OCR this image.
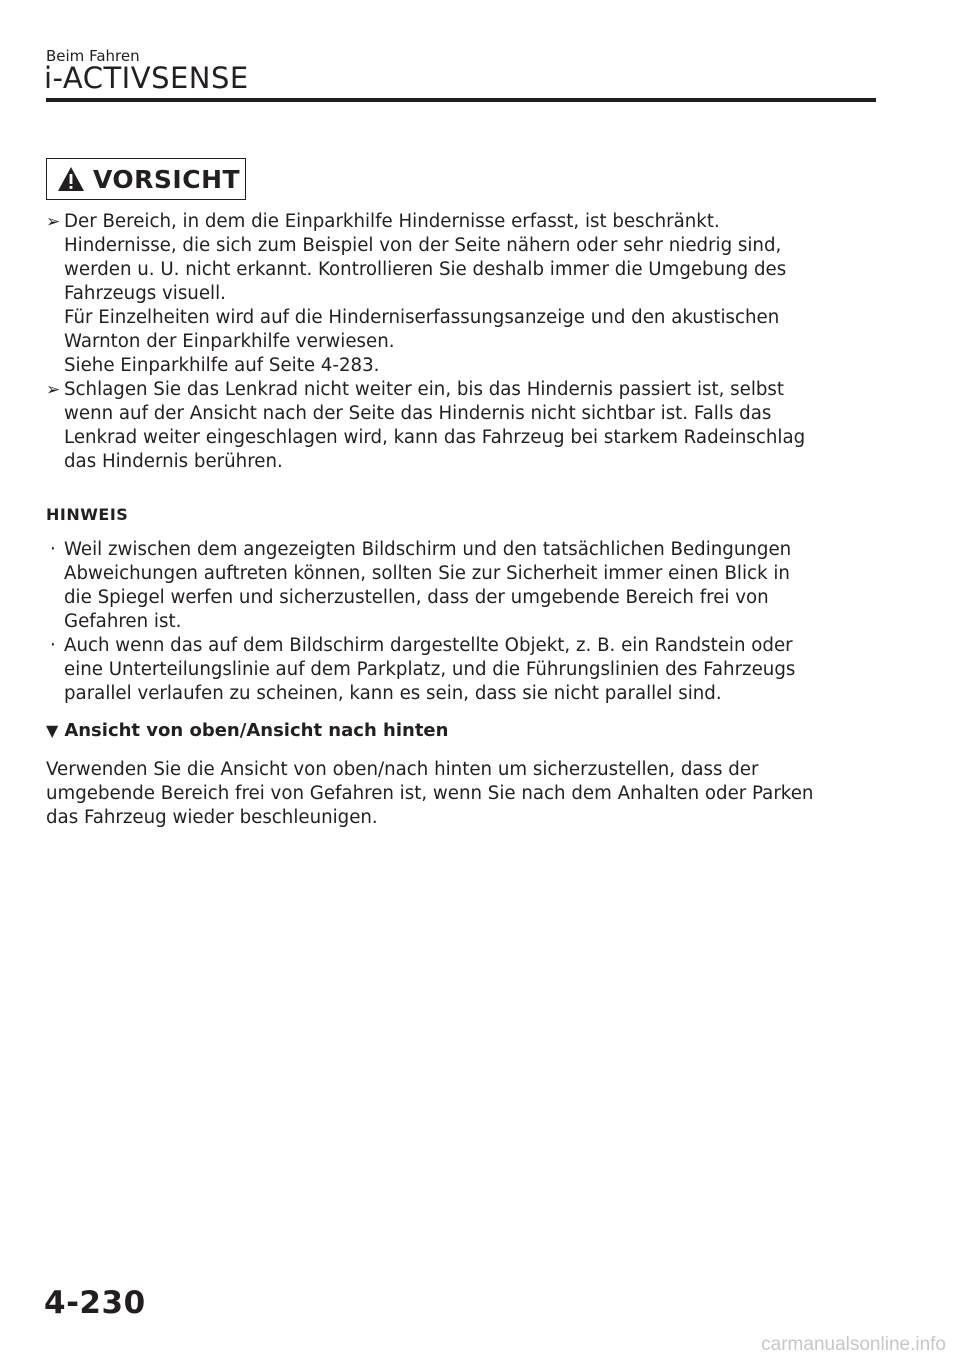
Beim Fahren
i-ACTIVSENSE
VORSICHT
➢ Der Bereich, in dem die Einparkhilfe Hindernisse erfasst, ist beschränkt.
Hindernisse, die sich zum Beispiel von der Seite nähern oder sehr niedrig sind,
werden u. U. nicht erkannt. Kontrollieren Sie deshalb immer die Umgebung des
Fahrzeugs visuell.
Für Einzelheiten wird auf die Hinderniserfassungsanzeige und den akustischen
Warnton der Einparkhilfe verwiesen.
Siehe Einparkhilfe auf Seite 4-283.
➢ Schlagen Sie das Lenkrad nicht weiter ein, bis das Hindernis passiert ist, selbst
wenn auf der Ansicht nach der Seite das Hindernis nicht sichtbar ist. Falls das
Lenkrad weiter eingeschlagen wird, kann das Fahrzeug bei starkem Radeinschlag
das Hindernis berühren.
HINWEIS
· Weil zwischen dem angezeigten Bildschirm und den tatsächlichen Bedingungen
Abweichungen auftreten können, sollten Sie zur Sicherheit immer einen Blick in
die Spiegel werfen und sicherzustellen, dass der umgebende Bereich frei von
Gefahren ist.
· Auch wenn das auf dem Bildschirm dargestellte Objekt, z. B. ein Randstein oder
eine Unterteilungslinie auf dem Parkplatz, und die Führungslinien des Fahrzeugs
parallel verlaufen zu scheinen, kann es sein, dass sie nicht parallel sind.
▼ Ansicht von oben/Ansicht nach hinten
Verwenden Sie die Ansicht von oben/nach hinten um sicherzustellen, dass der
umgebende Bereich frei von Gefahren ist, wenn Sie nach dem Anhalten oder Parken
das Fahrzeug wieder beschleunigen.
4-230
carmanualsonline.info
